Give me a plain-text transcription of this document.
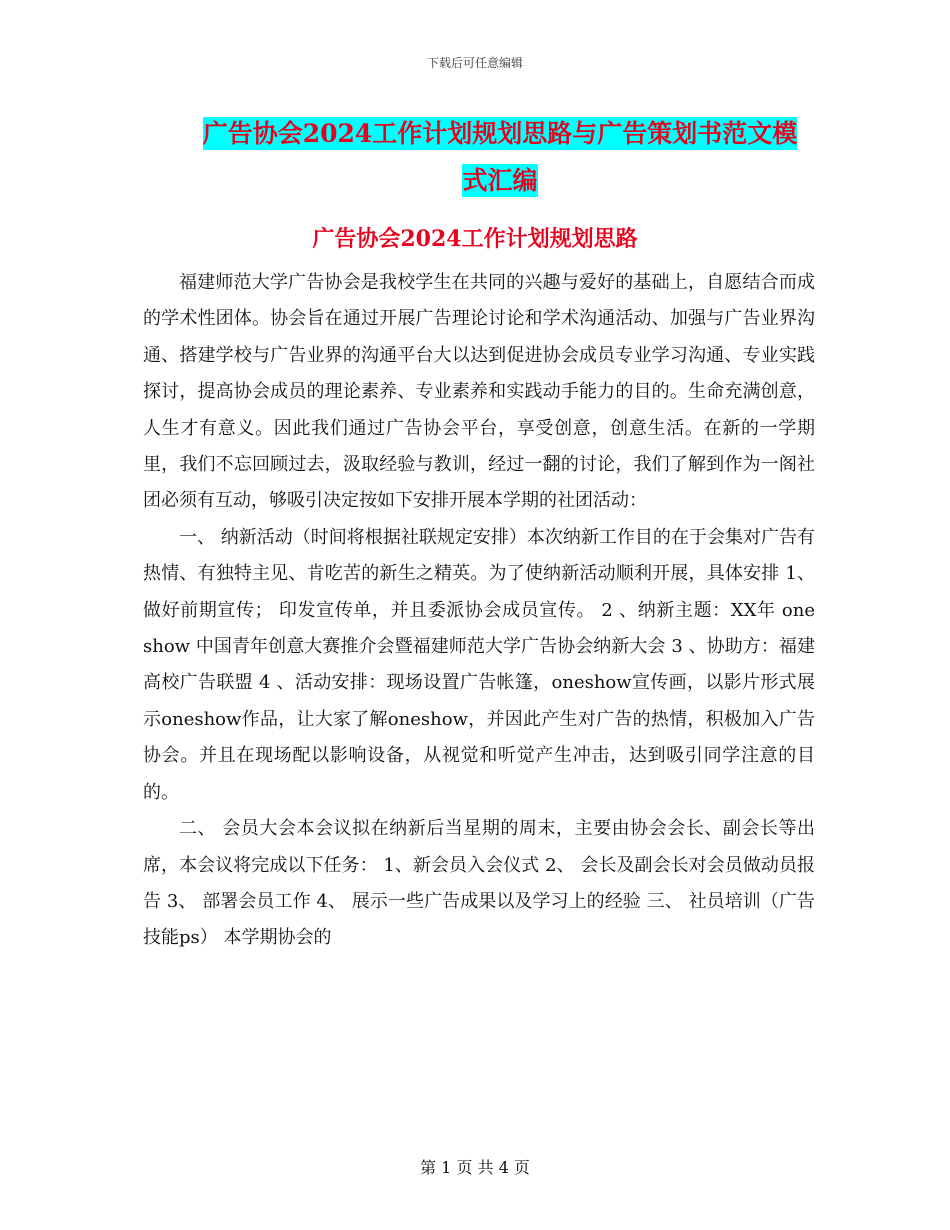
下载后可任意编辑
广告协会2024工作计划规划思路与广告策划书范文模
式汇编
广告协会2024工作计划规划思路

福建师范大学广告协会是我校学生在共同的兴趣与爱好的基础上，自愿结合而成的学术性团体。协会旨在通过开展广告理论讨论和学术沟通活动、加强与广告业界沟通、搭建学校与广告业界的沟通平台大以达到促进协会成员专业学习沟通、专业实践探讨，提高协会成员的理论素养、专业素养和实践动手能力的目的。生命充满创意，人生才有意义。因此我们通过广告协会平台，享受创意，创意生活。在新的一学期里，我们不忘回顾过去，汲取经验与教训，经过一翻的讨论，我们了解到作为一阁社团必须有互动，够吸引决定按如下安排开展本学期的社团活动：

一、 纳新活动（时间将根据社联规定安排）本次纳新工作目的在于会集对广告有热情、有独特主见、肯吃苦的新生之精英。为了使纳新活动顺利开展，具体安排 1、 做好前期宣传； 印发宣传单，并且委派协会成员宣传。 2 、纳新主题：XX年 one show 中国青年创意大赛推介会暨福建师范大学广告协会纳新大会 3 、协助方：福建高校广告联盟 4 、活动安排：现场设置广告帐篷，oneshow宣传画，以影片形式展示oneshow作品，让大家了解oneshow，并因此产生对广告的热情，积极加入广告协会。并且在现场配以影响设备，从视觉和听觉产生冲击，达到吸引同学注意的目的。

二、 会员大会本会议拟在纳新后当星期的周末，主要由协会会长、副会长等出席，本会议将完成以下任务： 1、新会员入会仪式 2、 会长及副会长对会员做动员报告 3、 部署会员工作 4、 展示一些广告成果以及学习上的经验 三、 社员培训（广告技能ps） 本学期协会的

第 1 页 共 4 页
